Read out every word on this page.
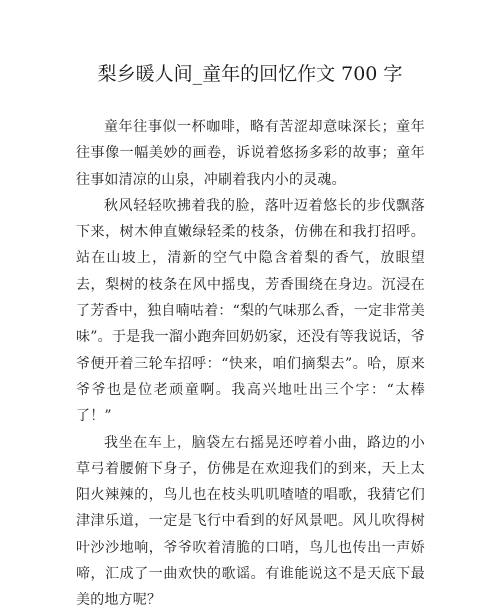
梨乡暖人间_童年的回忆作文 700 字

童年往事似一杯咖啡，略有苦涩却意味深长；童年往事像一幅美妙的画卷，诉说着悠扬多彩的故事；童年往事如清凉的山泉，冲刷着我内小的灵魂。

秋风轻轻吹拂着我的脸，落叶迈着悠长的步伐飘落下来，树木伸直嫩绿轻柔的枝条，仿佛在和我打招呼。站在山坡上，清新的空气中隐含着梨的香气，放眼望去，梨树的枝条在风中摇曳，芳香围绕在身边。沉浸在了芳香中，独自喃咕着：“梨的气味那么香，一定非常美味”。于是我一溜小跑奔回奶奶家，还没有等我说话，爷爷便开着三轮车招呼：“快来，咱们摘梨去”。哈，原来爷爷也是位老顽童啊。我高兴地吐出三个字：“太棒了！”

我坐在车上，脑袋左右摇晃还哼着小曲，路边的小草弓着腰俯下身子，仿佛是在欢迎我们的到来，天上太阳火辣辣的，鸟儿也在枝头叽叽喳喳的唱歌，我猜它们津津乐道，一定是飞行中看到的好风景吧。风儿吹得树叶沙沙地响，爷爷吹着清脆的口哨，鸟儿也传出一声娇啼，汇成了一曲欢快的歌谣。有谁能说这不是天底下最美的地方呢？
